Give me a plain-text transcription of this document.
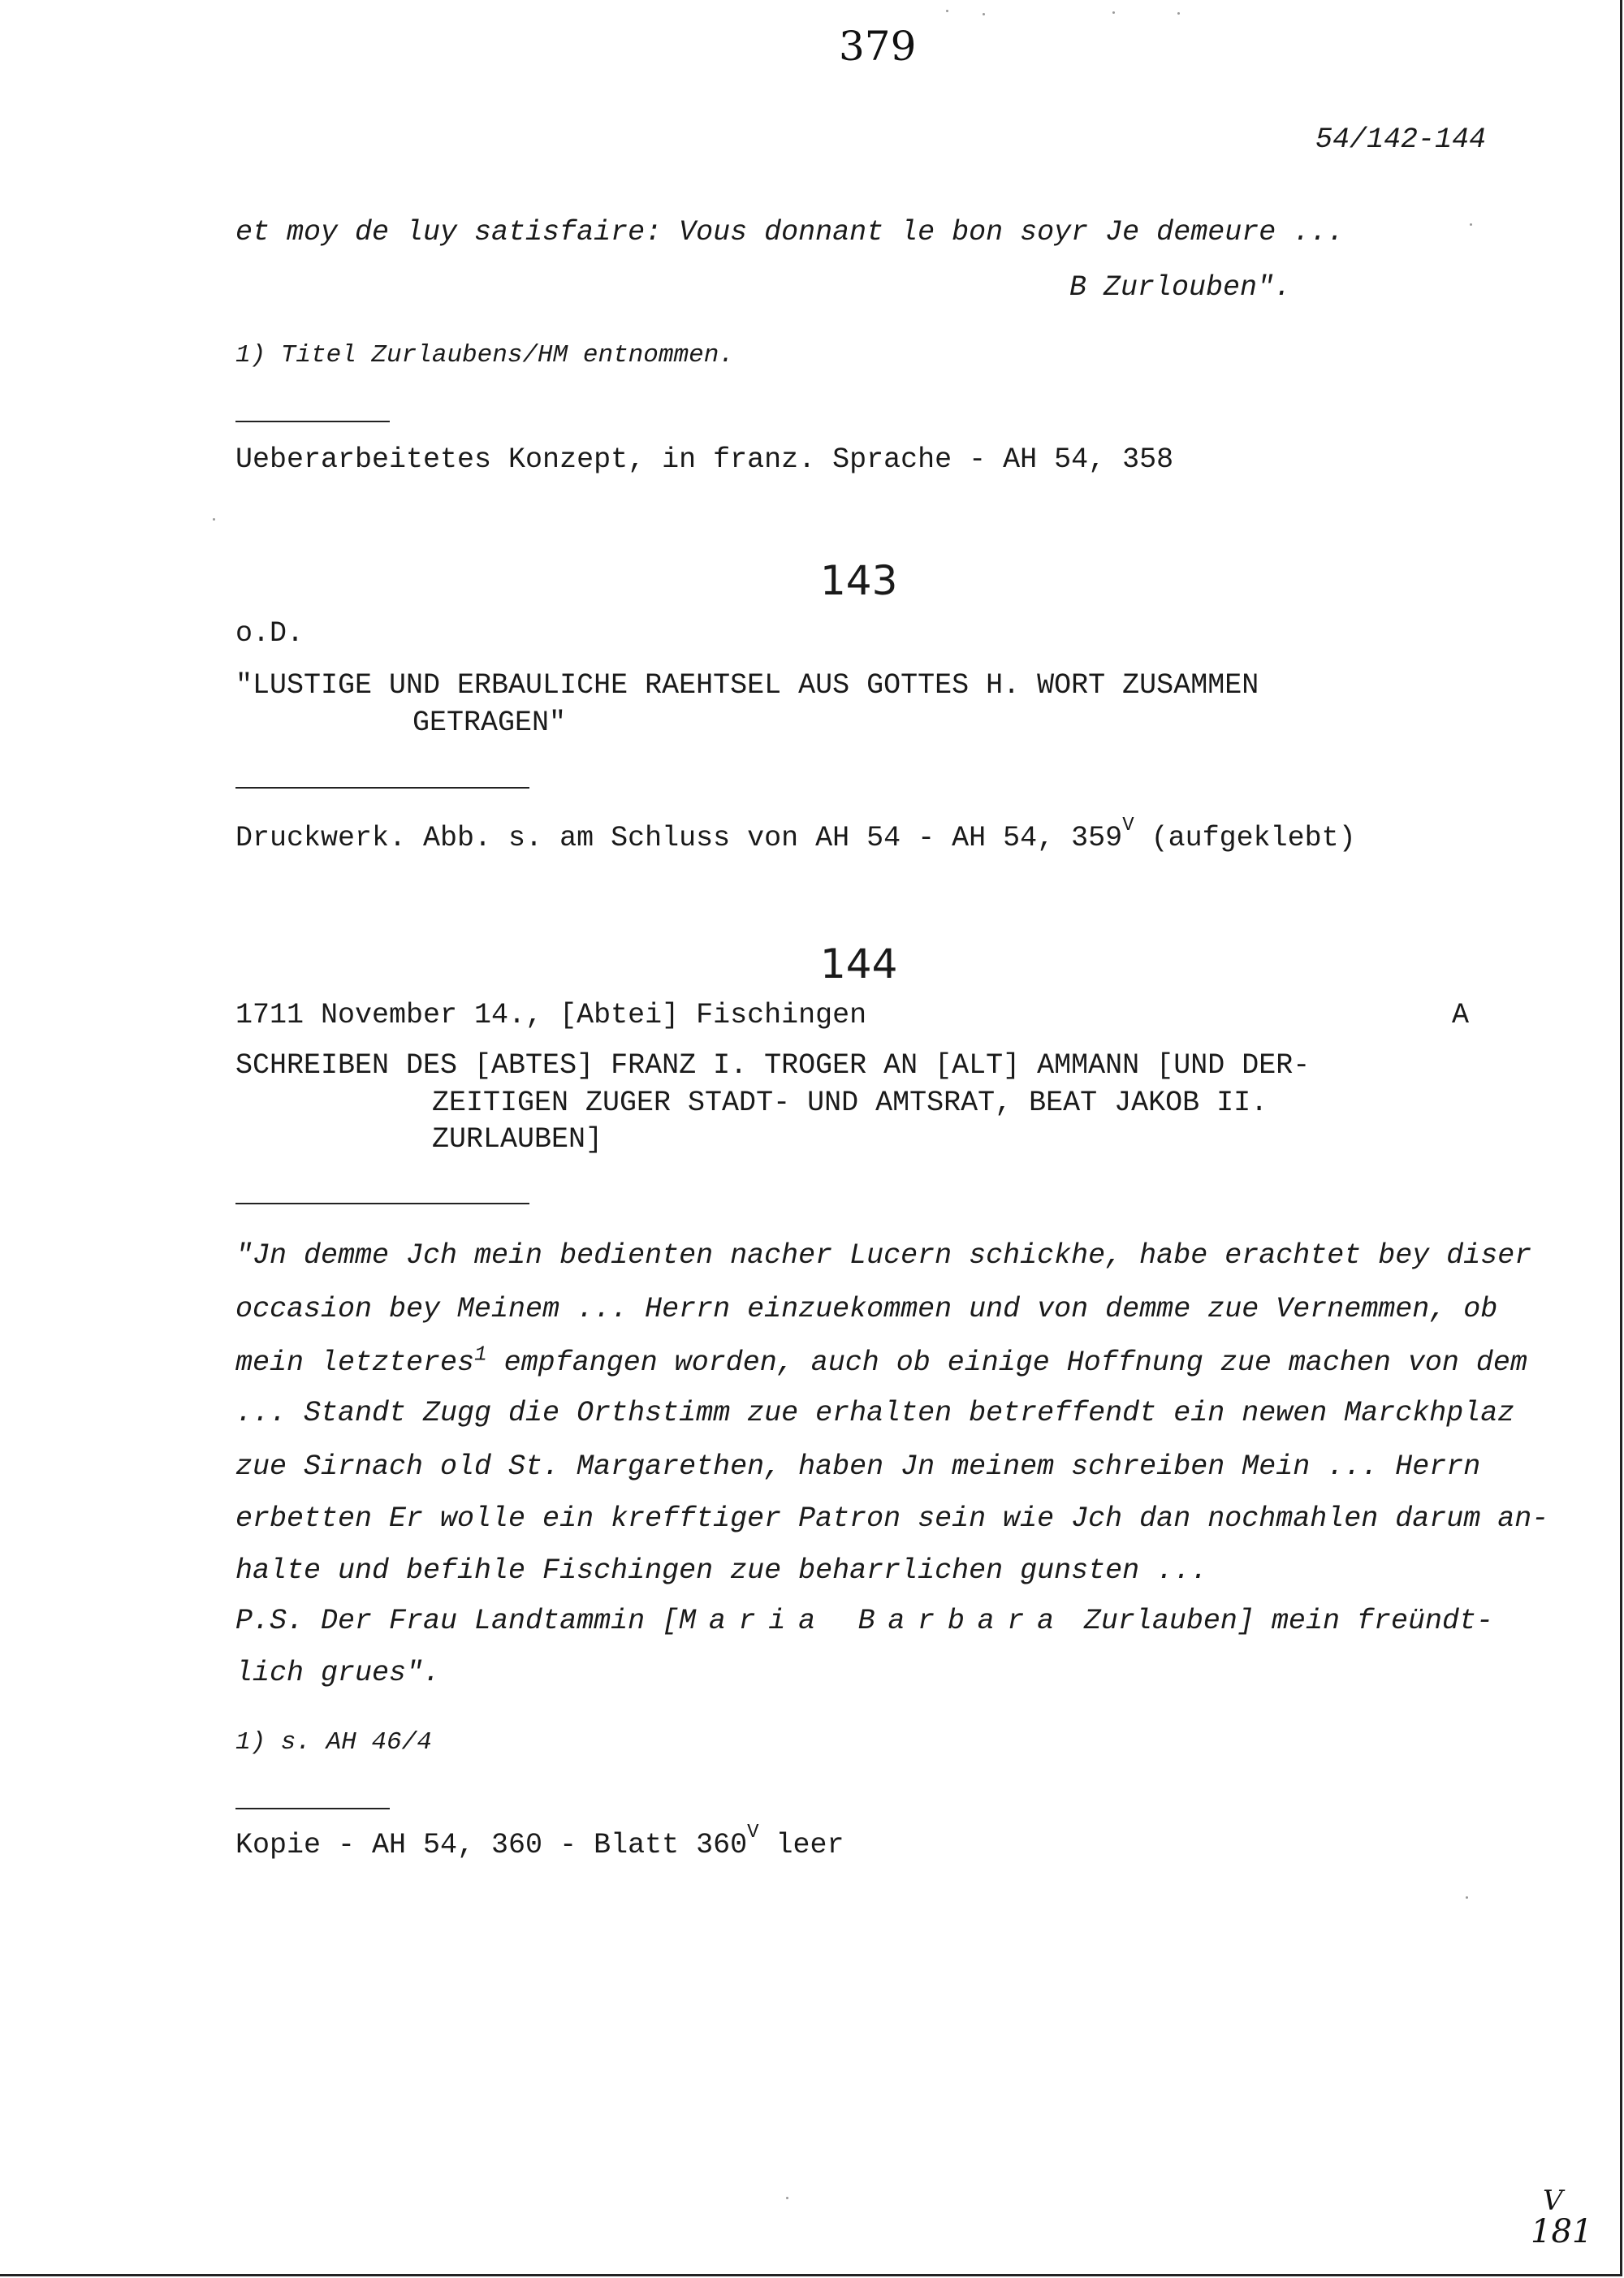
379
54/142-144
et moy de luy satisfaire: Vous donnant le bon soyr Je demeure ...
B Zurlouben".
1) Titel Zurlaubens/HM entnommen.
Ueberarbeitetes Konzept, in franz. Sprache - AH 54, 358
143
o.D.
"LUSTIGE UND ERBAULICHE RAEHTSEL AUS GOTTES H. WORT ZUSAMMEN
GETRAGEN"
Druckwerk. Abb. s. am Schluss von AH 54 - AH 54, $359^V$ (aufgeklebt)
144
1711 November 14., [Abtei] Fischingen	A
SCHREIBEN DES [ABTES] FRANZ I. TROGER AN [ALT] AMMANN [UND DER-
ZEITIGEN ZUGER STADT- UND AMTSRAT, BEAT JAKOB II.
ZURLAUBEN]
"Jn demme Jch mein bedienten nacher Lucern schickhe, habe erachtet bey diser
occasion bey Meinem ... Herrn einzuekommen und von demme zue Vernemmen, ob
mein letzteres$^1$ empfangen worden, auch ob einige Hoffnung zue machen von dem
... Standt Zugg die Orthstimm zue erhalten betreffendt ein newen Marckhplaz
zue Sirnach old St. Margarethen, haben Jn meinem schreiben Mein ... Herrn
erbetten Er wolle ein krefftiger Patron sein wie Jch dan nochmahlen darum an-
halte und befihle Fischingen zue beharrlichen gunsten ...
P.S. Der Frau Landtammin [Maria Barbara Zurlauben] mein freündt-
lich grues".
1) s. AH 46/4
Kopie - AH 54, 360 - Blatt $360^V$ leer
V
181
